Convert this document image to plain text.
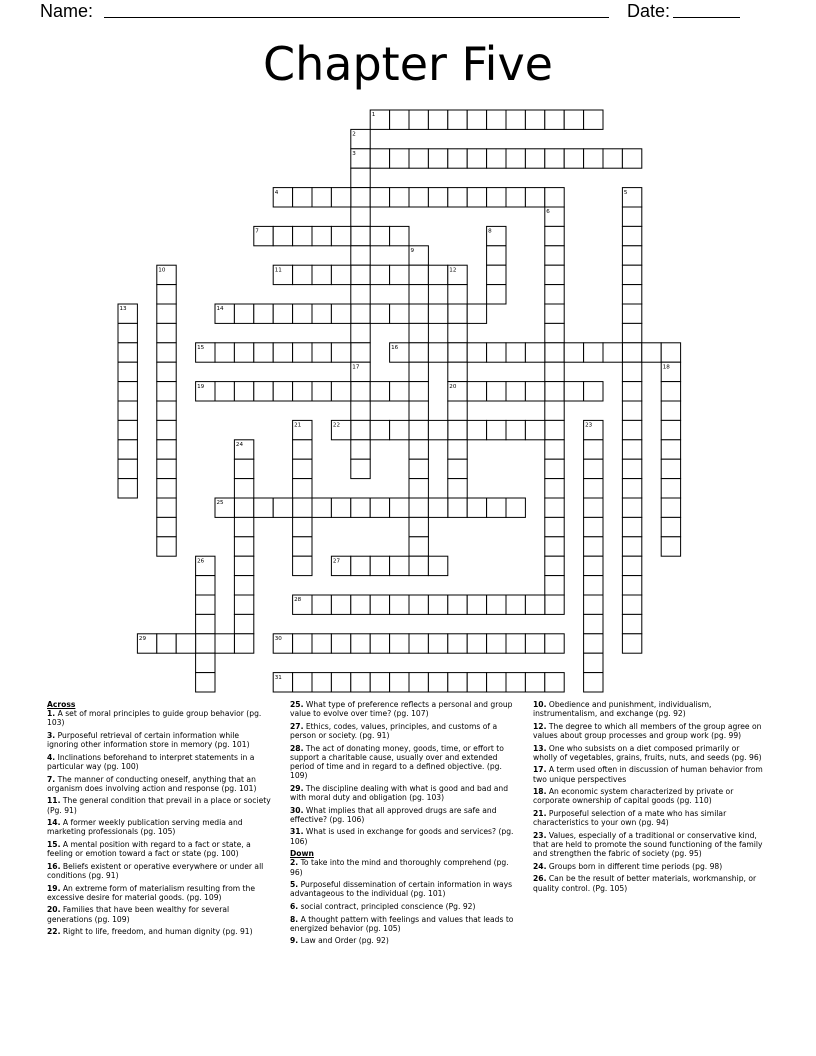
Name:	Date:
Chapter Five
1
2
3
4	5
6
7	8
9
10	11	12
13	14
15	16
17	18
19	20
21	22	23
24
25
26	27
28
29	30
31
Across
1. A set of moral principles to guide group behavior (pg. 103)
3. Purposeful retrieval of certain information while ignoring other information store in memory (pg. 101)
4. Inclinations beforehand to interpret statements in a particular way (pg. 100)
7. The manner of conducting oneself, anything that an organism does involving action and response (pg. 101)
11. The general condition that prevail in a place or society (Pg. 91)
14. A former weekly publication serving media and marketing professionals (pg. 105)
15. A mental position with regard to a fact or state, a feeling or emotion toward a fact or state (pg. 100)
16. Beliefs existent or operative everywhere or under all conditions (pg. 91)
19. An extreme form of materialism resulting from the excessive desire for material goods. (pg. 109)
20. Families that have been wealthy for several generations (pg. 109)
22. Right to life, freedom, and human dignity (pg. 91)
25. What type of preference reflects a personal and group value to evolve over time? (pg. 107)
27. Ethics, codes, values, principles, and customs of a person or society. (pg. 91)
28. The act of donating money, goods, time, or effort to support a charitable cause, usually over and extended period of time and in regard to a defined objective. (pg. 109)
29. The discipline dealing with what is good and bad and with moral duty and obligation (pg. 103)
30. What implies that all approved drugs are safe and effective? (pg. 106)
31. What is used in exchange for goods and services? (pg. 106)
Down
2. To take into the mind and thoroughly comprehend (pg. 96)
5. Purposeful dissemination of certain information in ways advantageous to the individual (pg. 101)
6. social contract, principled conscience (Pg. 92)
8. A thought pattern with feelings and values that leads to energized behavior (pg. 105)
9. Law and Order (pg. 92)
10. Obedience and punishment, individualism, instrumentalism, and exchange (pg. 92)
12. The degree to which all members of the group agree on values about group processes and group work (pg. 99)
13. One who subsists on a diet composed primarily or wholly of vegetables, grains, fruits, nuts, and seeds (pg. 96)
17. A term used often in discussion of human behavior from two unique perspectives
18. An economic system characterized by private or corporate ownership of capital goods (pg. 110)
21. Purposeful selection of a mate who has similar characteristics to your own (pg. 94)
23. Values, especially of a traditional or conservative kind, that are held to promote the sound functioning of the family and strengthen the fabric of society (pg. 95)
24. Groups born in different time periods (pg. 98)
26. Can be the result of better materials, workmanship, or quality control. (Pg. 105)
